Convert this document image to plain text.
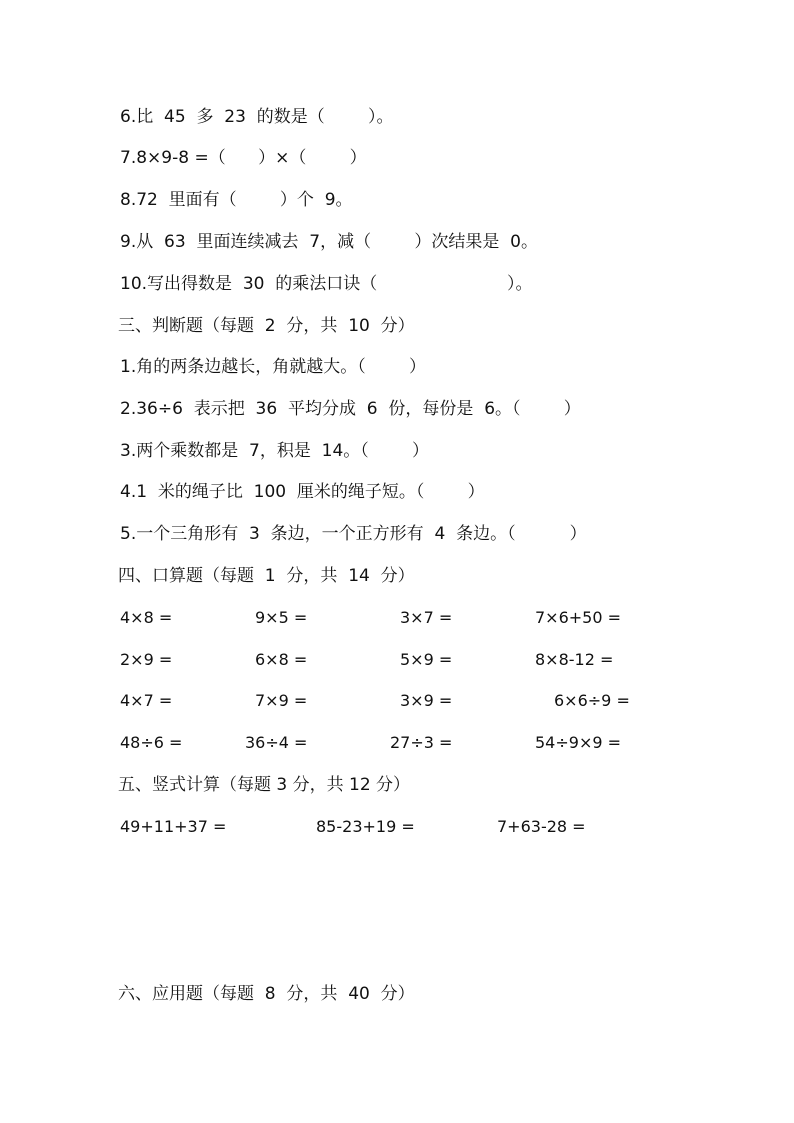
6.比  45  多  23  的数是（        ）。
7.8×9-8 =（      ）×（        ）
8.72  里面有（        ）个  9。
9.从  63  里面连续减去  7，减（        ）次结果是  0。
10.写出得数是  30  的乘法口诀（                        ）。
三、判断题（每题  2  分，共  10  分）
1.角的两条边越长，角就越大。（        ）
2.36÷6  表示把  36  平均分成  6  份，每份是  6。（        ）
3.两个乘数都是  7，积是  14。（        ）
4.1  米的绳子比  100  厘米的绳子短。（        ）
5.一个三角形有  3  条边，一个正方形有  4  条边。（          ）
四、口算题（每题  1  分，共  14  分）
4×8 =	9×5 =	3×7 =	7×6+50 =
2×9 =	6×8 =	5×9 =	8×8-12 =
4×7 =	7×9 =	3×9 =	6×6÷9 =
48÷6 =	36÷4 =	27÷3 =	54÷9×9 =
五、竖式计算（每题 3 分，共 12 分）
49+11+37 =	85-23+19 =	7+63-28 =
六、应用题（每题  8  分，共  40  分）
